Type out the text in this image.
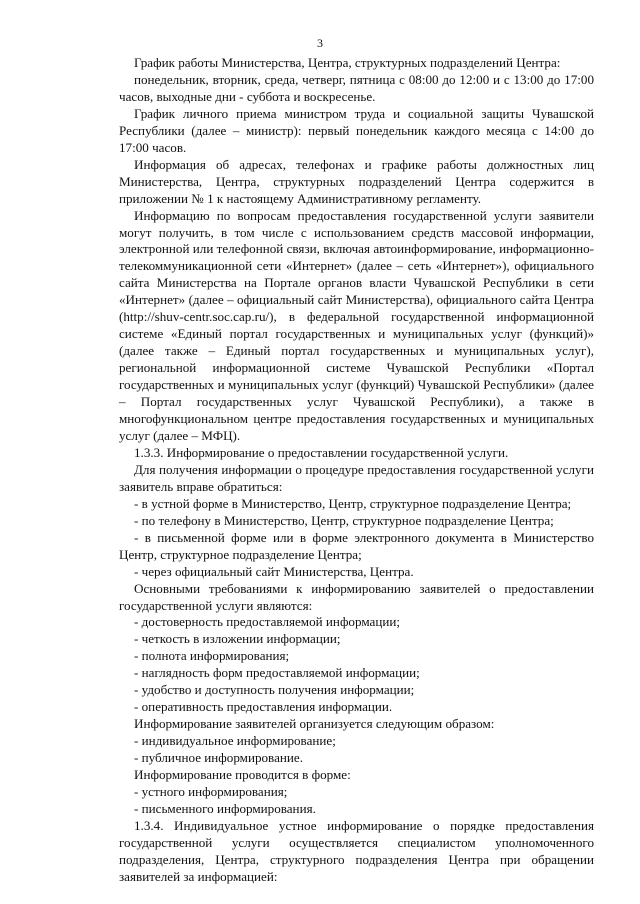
3

График работы Министерства, Центра, структурных подразделений Центра:

понедельник, вторник, среда, четверг, пятница с 08:00 до 12:00 и с 13:00 до 17:00 часов, выходные дни - суббота и воскресенье.

График личного приема министром труда и социальной защиты Чувашской Республики (далее – министр): первый понедельник каждого месяца с 14:00 до 17:00 часов.

Информация об адресах, телефонах и графике работы должностных лиц Министерства, Центра, структурных подразделений Центра содержится в приложении № 1 к настоящему Административному регламенту.

Информацию по вопросам предоставления государственной услуги заявители могут получить, в том числе с использованием средств массовой информации, электронной или телефонной связи, включая автоинформирование, информационно-телекоммуникационной сети «Интернет» (далее – сеть «Интернет»), официального сайта Министерства на Портале органов власти Чувашской Республики в сети «Интернет» (далее – официальный сайт Министерства), официального сайта Центра (http://shuv-centr.soc.cap.ru/), в федеральной государственной информационной системе «Единый портал государственных и муниципальных услуг (функций)» (далее также – Единый портал государственных и муниципальных услуг), региональной информационной системе Чувашской Республики «Портал государственных и муниципальных услуг (функций) Чувашской Республики» (далее – Портал государственных услуг Чувашской Республики), а также в многофункциональном центре предоставления государственных и муниципальных услуг (далее – МФЦ).

1.3.3. Информирование о предоставлении государственной услуги.

Для получения информации о процедуре предоставления государственной услуги заявитель вправе обратиться:

- в устной форме в Министерство, Центр, структурное подразделение Центра;

- по телефону в Министерство, Центр, структурное подразделение Центра;

- в письменной форме или в форме электронного документа в Министерство Центр, структурное подразделение Центра;

- через официальный сайт Министерства, Центра.

Основными требованиями к информированию заявителей о предоставлении государственной услуги являются:

- достоверность предоставляемой информации;

- четкость в изложении информации;

- полнота информирования;

- наглядность форм предоставляемой информации;

- удобство и доступность получения информации;

- оперативность предоставления информации.

Информирование заявителей организуется следующим образом:

- индивидуальное информирование;

- публичное информирование.

Информирование проводится в форме:

- устного информирования;

- письменного информирования.

1.3.4. Индивидуальное устное информирование о порядке предоставления государственной услуги осуществляется специалистом уполномоченного подразделения, Центра, структурного подразделения Центра при обращении заявителей за информацией:
